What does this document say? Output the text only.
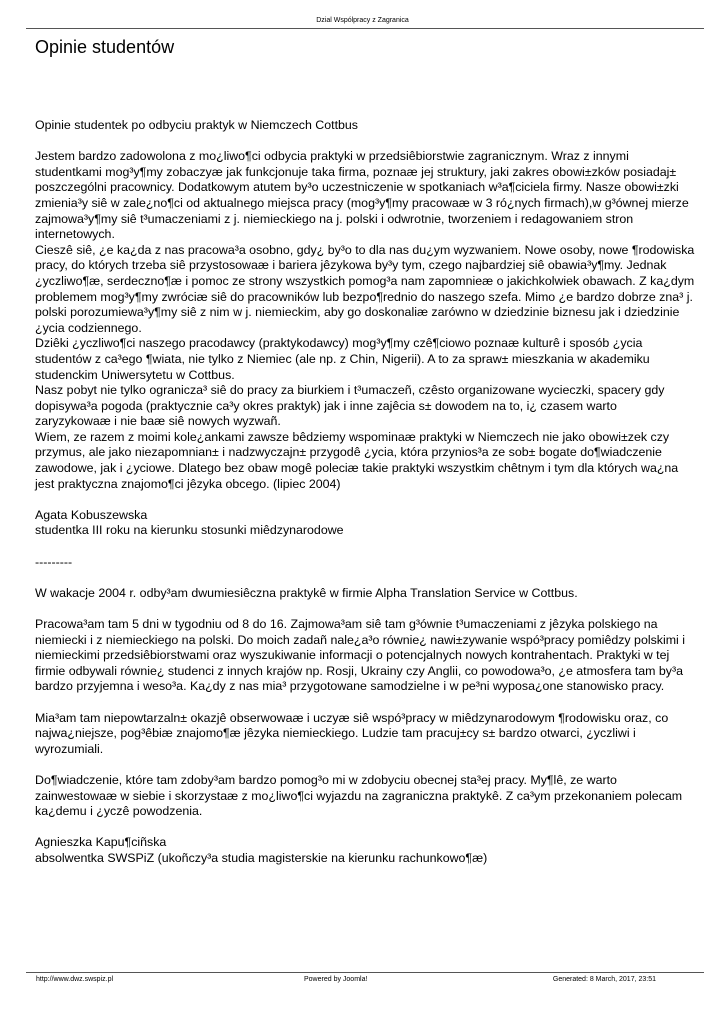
Dzial Wspólpracy z Zagranica
Opinie studentów

Opinie studentek po odbyciu praktyk w Niemczech Cottbus

Jestem bardzo zadowolona z mo¿liwo¶ci odbycia praktyki w przedsiêbiorstwie zagranicznym. Wraz z innymi studentkami mog³y¶my zobaczyæ jak funkcjonuje taka firma, poznaæ jej struktury, jaki zakres obowi±zków posiadaj± poszczególni pracownicy. Dodatkowym atutem by³o uczestniczenie w spotkaniach w³a¶ciciela firmy. Nasze obowi±zki zmienia³y siê w zale¿no¶ci od aktualnego miejsca pracy (mog³y¶my pracowaæ w 3 ró¿nych firmach),w g³ównej mierze zajmowa³y¶my siê t³umaczeniami z j. niemieckiego na j. polski i odwrotnie, tworzeniem i redagowaniem stron internetowych.

Cieszê siê, ¿e ka¿da z nas pracowa³a osobno, gdy¿ by³o to dla nas du¿ym wyzwaniem. Nowe osoby, nowe ¶rodowiska pracy, do których trzeba siê przystosowaæ i bariera jêzykowa by³y tym, czego najbardziej siê obawia³y¶my. Jednak ¿yczliwo¶æ, serdeczno¶æ i pomoc ze strony wszystkich pomog³a nam zapomnieæ o jakichkolwiek obawach. Z ka¿dym problemem mog³y¶my zwróciæ siê do pracowników lub bezpo¶rednio do naszego szefa. Mimo ¿e bardzo dobrze zna³ j. polski porozumiewa³y¶my siê z nim w j. niemieckim, aby go doskonaliæ zarówno w dziedzinie biznesu jak i dziedzinie ¿ycia codziennego.

Dziêki ¿yczliwo¶ci naszego pracodawcy (praktykodawcy) mog³y¶my czê¶ciowo poznaæ kulturê i sposób ¿ycia studentów z ca³ego ¶wiata, nie tylko z Niemiec (ale np. z Chin, Nigerii). A to za spraw± mieszkania w akademiku studenckim Uniwersytetu w Cottbus.

Nasz pobyt nie tylko ogranicza³ siê do pracy za biurkiem i t³umaczeñ, czêsto organizowane wycieczki, spacery gdy dopisywa³a pogoda (praktycznie ca³y okres praktyk) jak i inne zajêcia s± dowodem na to, i¿ czasem warto zaryzykowaæ i nie baæ siê nowych wyzwañ.

Wiem, ze razem z moimi kole¿ankami zawsze bêdziemy wspominaæ praktyki w Niemczech nie jako obowi±zek czy przymus, ale jako niezapomnian± i nadzwyczajn± przygodê ¿ycia, która przynios³a ze sob± bogate do¶wiadczenie zawodowe, jak i ¿yciowe. Dlatego bez obaw mogê poleciæ takie praktyki wszystkim chêtnym i tym dla których wa¿na jest praktyczna znajomo¶ci jêzyka obcego. (lipiec 2004)

Agata Kobuszewska

studentka III roku na kierunku stosunki miêdzynarodowe

---------

W wakacje 2004 r. odby³am dwumiesiêczna praktykê w firmie Alpha Translation Service w Cottbus.

Pracowa³am tam 5 dni w tygodniu od 8 do 16. Zajmowa³am siê tam g³ównie t³umaczeniami z jêzyka polskiego na niemiecki i z niemieckiego na polski. Do moich zadañ nale¿a³o równie¿ nawi±zywanie wspó³pracy pomiêdzy polskimi i niemieckimi przedsiêbiorstwami oraz wyszukiwanie informacji o potencjalnych nowych kontrahentach. Praktyki w tej firmie odbywali równie¿ studenci z innych krajów np. Rosji, Ukrainy czy Anglii, co powodowa³o, ¿e atmosfera tam by³a bardzo przyjemna i weso³a. Ka¿dy z nas mia³ przygotowane samodzielne i w pe³ni wyposa¿one stanowisko pracy.

Mia³am tam niepowtarzaln± okazjê obserwowaæ i uczyæ siê wspó³pracy w miêdzynarodowym ¶rodowisku oraz, co najwa¿niejsze, pog³êbiæ znajomo¶æ jêzyka niemieckiego. Ludzie tam pracuj±cy s± bardzo otwarci, ¿yczliwi i wyrozumiali.

Do¶wiadczenie, które tam zdoby³am bardzo pomog³o mi w zdobyciu obecnej sta³ej pracy. My¶lê, ze warto zainwestowaæ w siebie i skorzystaæ z mo¿liwo¶ci wyjazdu na zagraniczna praktykê. Z ca³ym przekonaniem polecam ka¿demu i ¿yczê powodzenia.

Agnieszka Kapu¶ciñska

absolwentka SWSPiZ (ukoñczy³a studia magisterskie na kierunku rachunkowo¶æ)

http://www.dwz.swspiz.pl	Powered by Joomla!	Generated: 8 March, 2017, 23:51
